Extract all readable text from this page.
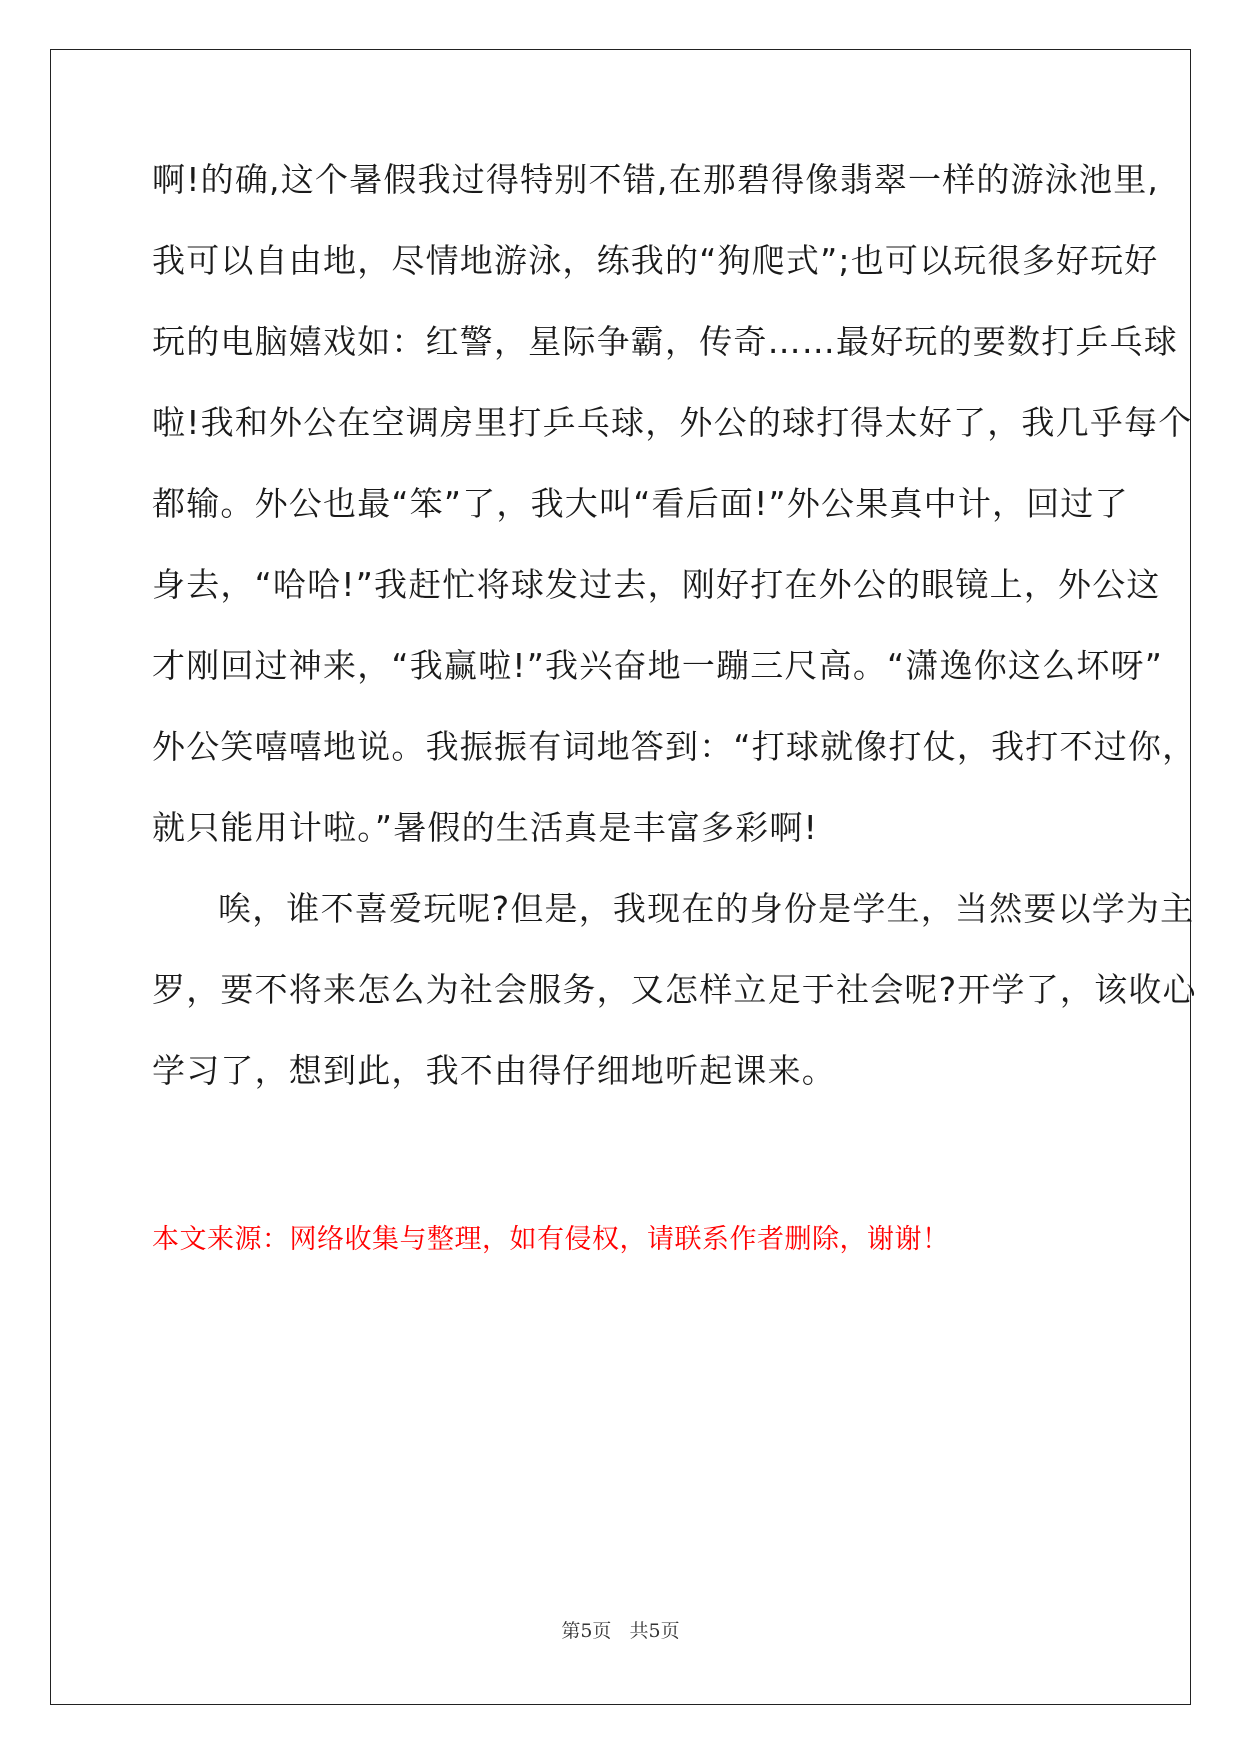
啊!的确,这个暑假我过得特别不错,在那碧得像翡翠一样的游泳池里,
我可以自由地，尽情地游泳，练我的“狗爬式”;也可以玩很多好玩好
玩的电脑嬉戏如：红警，星际争霸，传奇……最好玩的要数打乒乓球
啦!我和外公在空调房里打乒乓球，外公的球打得太好了，我几乎每个
都输。外公也最“笨”了，我大叫“看后面!”外公果真中计，回过了
身去，“哈哈!”我赶忙将球发过去，刚好打在外公的眼镜上，外公这
才刚回过神来，“我赢啦!”我兴奋地一蹦三尺高。“潇逸你这么坏呀”
外公笑嘻嘻地说。我振振有词地答到：“打球就像打仗，我打不过你，
就只能用计啦。”暑假的生活真是丰富多彩啊!
唉，谁不喜爱玩呢?但是，我现在的身份是学生，当然要以学为主
罗，要不将来怎么为社会服务，又怎样立足于社会呢?开学了，该收心
学习了，想到此，我不由得仔细地听起课来。
本文来源：网络收集与整理，如有侵权，请联系作者删除，谢谢！
第5页   共5页
